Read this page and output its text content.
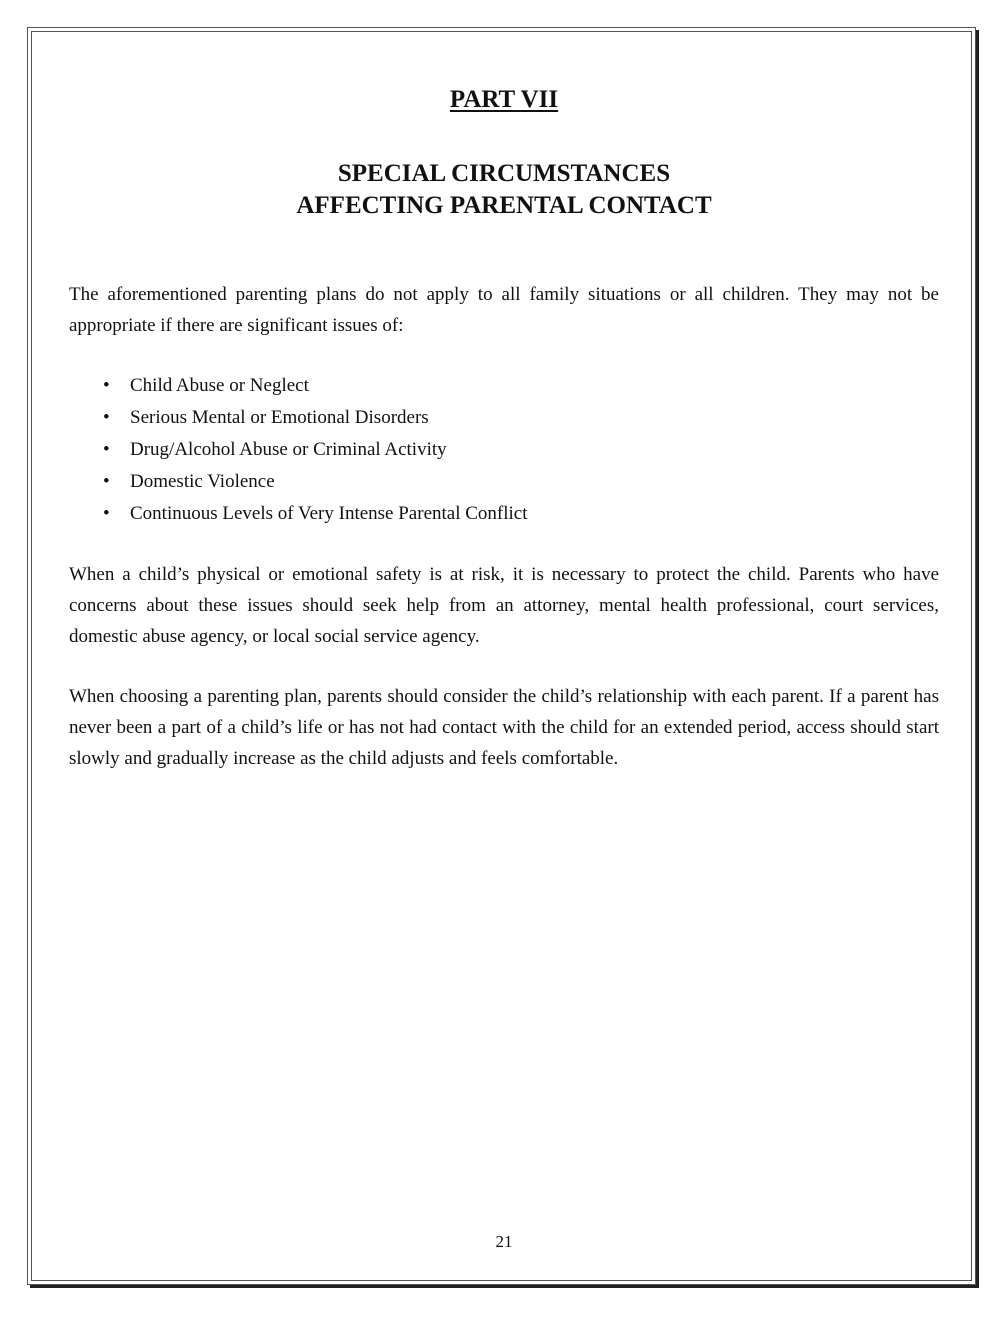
PART VII
SPECIAL CIRCUMSTANCES
AFFECTING PARENTAL CONTACT

The aforementioned parenting plans do not apply to all family situations or all children. They may not be appropriate if there are significant issues of:

• Child Abuse or Neglect
• Serious Mental or Emotional Disorders
• Drug/Alcohol Abuse or Criminal Activity
• Domestic Violence
• Continuous Levels of Very Intense Parental Conflict

When a child’s physical or emotional safety is at risk, it is necessary to protect the child. Parents who have concerns about these issues should seek help from an attorney, mental health professional, court services, domestic abuse agency, or local social service agency.

When choosing a parenting plan, parents should consider the child’s relationship with each parent. If a parent has never been a part of a child’s life or has not had contact with the child for an extended period, access should start slowly and gradually increase as the child adjusts and feels comfortable.

21
